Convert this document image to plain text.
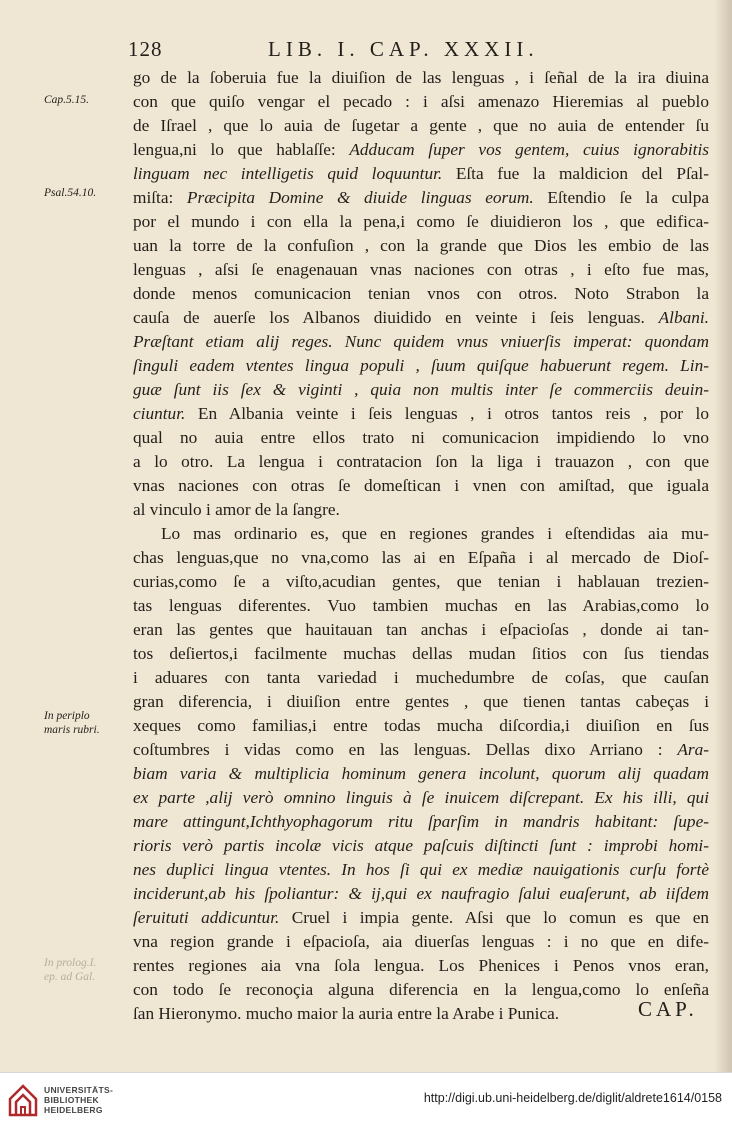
128	LIB. I. CAP. XXXII.
Cap.5.15.
Psal.54.10.
In periplo
maris rubri.
In prolog.I.
ep. ad Gal.
go de la ſoberuia fue la diuiſion de las lenguas , i ſeñal de la ira diuina
con que quiſo vengar el pecado : i aſsi amenazo Hieremias al pueblo
de Iſrael , que lo auia de ſugetar a gente , que no auia de entender ſu
lengua,ni lo que hablaſſe: Adducam ſuper vos gentem, cuius ignorabitis
linguam nec intelligetis quid loquuntur. Eſta fue la maldicion del Pſal-
miſta: Præcipita Domine & diuide linguas eorum. Eſtendio ſe la culpa
por el mundo i con ella la pena,i como ſe diuidieron los , que edifica-
uan la torre de la confuſion , con la grande que Dios les embio de las
lenguas , aſsi ſe enagenauan vnas naciones con otras , i eſto fue mas,
donde menos comunicacion tenian vnos con otros. Noto Strabon la
cauſa de auerſe los Albanos diuidido en veinte i ſeis lenguas. Albani.
Præſtant etiam alij reges. Nunc quidem vnus vniuerſis imperat: quondam
ſinguli eadem vtentes lingua populi , ſuum quiſque habuerunt regem. Lin-
guæ ſunt iis ſex & viginti , quia non multis inter ſe commerciis deuin-
ciuntur. En Albania veinte i ſeis lenguas , i otros tantos reis , por lo
qual no auia entre ellos trato ni comunicacion impidiendo lo vno
a lo otro. La lengua i contratacion ſon la liga i trauazon , con que
vnas naciones con otras ſe domeſtican i vnen con amiſtad, que iguala
al vinculo i amor de la ſangre.
Lo mas ordinario es, que en regiones grandes i eſtendidas aia mu-
chas lenguas,que no vna,como las ai en Eſpaña i al mercado de Dioſ-
curias,como ſe a viſto,acudian gentes, que tenian i hablauan trezien-
tas lenguas diferentes. Vuo tambien muchas en las Arabias,como lo
eran las gentes que hauitauan tan anchas i eſpacioſas , donde ai tan-
tos deſiertos,i facilmente muchas dellas mudan ſitios con ſus tiendas
i aduares con tanta variedad i muchedumbre de coſas, que cauſan
gran diferencia, i diuiſion entre gentes , que tienen tantas cabeças i
xeques como familias,i entre todas mucha diſcordia,i diuiſion en ſus
coſtumbres i vidas como en las lenguas. Dellas dixo Arriano : Ara-
biam varia & multiplicia hominum genera incolunt, quorum alij quadam
ex parte ,alij verò omnino linguis à ſe inuicem diſcrepant. Ex his illi, qui
mare attingunt,Ichthyophagorum ritu ſparſim in mandris habitant: ſupe-
rioris verò partis incolæ vicis atque paſcuis diſtincti ſunt : improbi homi-
nes duplici lingua vtentes. In hos ſi qui ex mediæ nauigationis curſu fortè
inciderunt,ab his ſpoliantur: & ij,qui ex naufragio ſalui euaſerunt, ab iiſdem
ſeruituti addicuntur. Cruel i impia gente. Aſsi que lo comun es que en
vna region grande i eſpacioſa, aia diuerſas lenguas : i no que en dife-
rentes regiones aia vna ſola lengua. Los Phenices i Penos vnos eran,
con todo ſe reconoçia alguna diferencia en la lengua,como lo enſeña
ſan Hieronymo. mucho maior la auria entre la Arabe i Punica.	CAP.
UNIVERSITÄTS-
BIBLIOTHEK
HEIDELBERG
http://digi.ub.uni-heidelberg.de/diglit/aldrete1614/0158
